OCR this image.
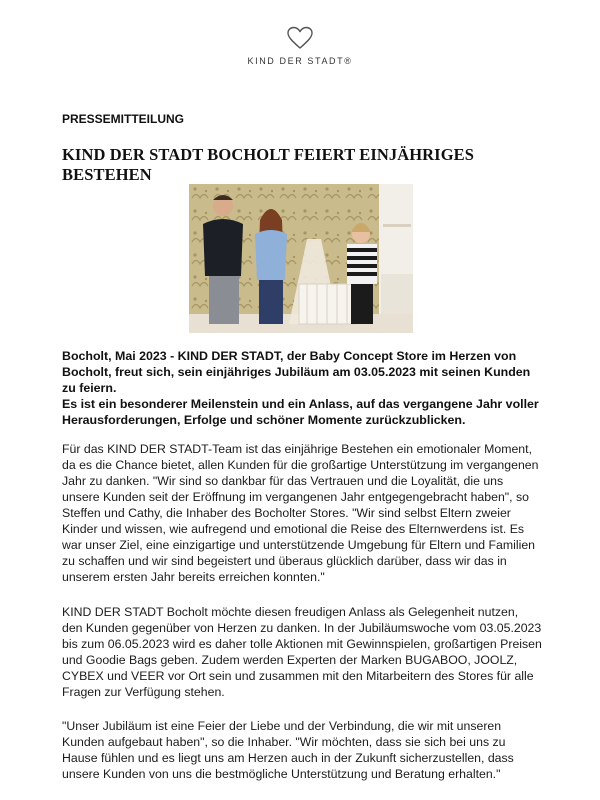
KIND DER STADT®
PRESSEMITTEILUNG
KIND DER STADT BOCHOLT FEIERT EINJÄHRIGES BESTEHEN

Bocholt, Mai 2023 - KIND DER STADT, der Baby Concept Store im Herzen von Bocholt, freut sich, sein einjähriges Jubiläum am 03.05.2023 mit seinen Kunden zu feiern.

Es ist ein besonderer Meilenstein und ein Anlass, auf das vergangene Jahr voller Herausforderungen, Erfolge und schöner Momente zurückzublicken.

Für das KIND DER STADT-Team ist das einjährige Bestehen ein emotionaler Moment, da es die Chance bietet, allen Kunden für die großartige Unterstützung im vergangenen Jahr zu danken. "Wir sind so dankbar für das Vertrauen und die Loyalität, die uns unsere Kunden seit der Eröffnung im vergangenen Jahr entgegengebracht haben", so Steffen und Cathy, die Inhaber des Bocholter Stores. "Wir sind selbst Eltern zweier Kinder und wissen, wie aufregend und emotional die Reise des Elternwerdens ist. Es war unser Ziel, eine einzigartige und unterstützende Umgebung für Eltern und Familien zu schaffen und wir sind begeistert und überaus glücklich darüber, dass wir das in unserem ersten Jahr bereits erreichen konnten."

KIND DER STADT Bocholt möchte diesen freudigen Anlass als Gelegenheit nutzen, den Kunden gegenüber von Herzen zu danken. In der Jubiläumswoche vom 03.05.2023 bis zum 06.05.2023 wird es daher tolle Aktionen mit Gewinnspielen, großartigen Preisen und Goodie Bags geben. Zudem werden Experten der Marken BUGABOO, JOOLZ, CYBEX und VEER vor Ort sein und zusammen mit den Mitarbeitern des Stores für alle Fragen zur Verfügung stehen.

"Unser Jubiläum ist eine Feier der Liebe und der Verbindung, die wir mit unseren Kunden aufgebaut haben", so die Inhaber. "Wir möchten, dass sie sich bei uns zu Hause fühlen und es liegt uns am Herzen auch in der Zukunft sicherzustellen, dass unsere Kunden von uns die bestmögliche Unterstützung und Beratung erhalten."
